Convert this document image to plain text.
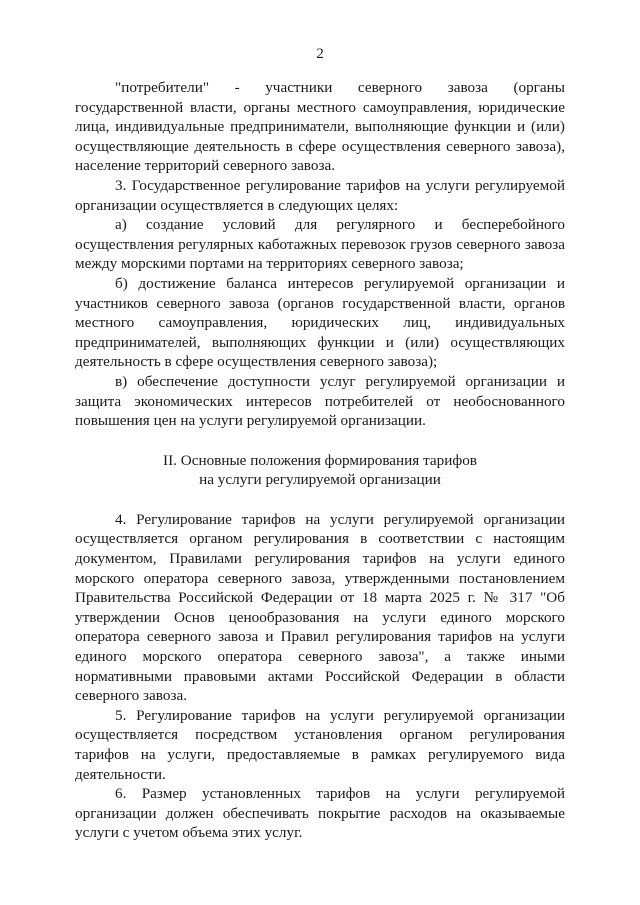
2

"потребители" - участники северного завоза (органы государственной власти, органы местного самоуправления, юридические лица, индивидуальные предприниматели, выполняющие функции и (или) осуществляющие деятельность в сфере осуществления северного завоза), население территорий северного завоза.

3. Государственное регулирование тарифов на услуги регулируемой организации осуществляется в следующих целях:

а) создание условий для регулярного и бесперебойного осуществления регулярных каботажных перевозок грузов северного завоза между морскими портами на территориях северного завоза;

б) достижение баланса интересов регулируемой организации и участников северного завоза (органов государственной власти, органов местного самоуправления, юридических лиц, индивидуальных предпринимателей, выполняющих функции и (или) осуществляющих деятельность в сфере осуществления северного завоза);

в) обеспечение доступности услуг регулируемой организации и защита экономических интересов потребителей от необоснованного повышения цен на услуги регулируемой организации.

II. Основные положения формирования тарифов
на услуги регулируемой организации

4. Регулирование тарифов на услуги регулируемой организации осуществляется органом регулирования в соответствии с настоящим документом, Правилами регулирования тарифов на услуги единого морского оператора северного завоза, утвержденными постановлением Правительства Российской Федерации от 18 марта 2025 г. № 317 "Об утверждении Основ ценообразования на услуги единого морского оператора северного завоза и Правил регулирования тарифов на услуги единого морского оператора северного завоза", а также иными нормативными правовыми актами Российской Федерации в области северного завоза.

5. Регулирование тарифов на услуги регулируемой организации осуществляется посредством установления органом регулирования тарифов на услуги, предоставляемые в рамках регулируемого вида деятельности.

6. Размер установленных тарифов на услуги регулируемой организации должен обеспечивать покрытие расходов на оказываемые услуги с учетом объема этих услуг.
